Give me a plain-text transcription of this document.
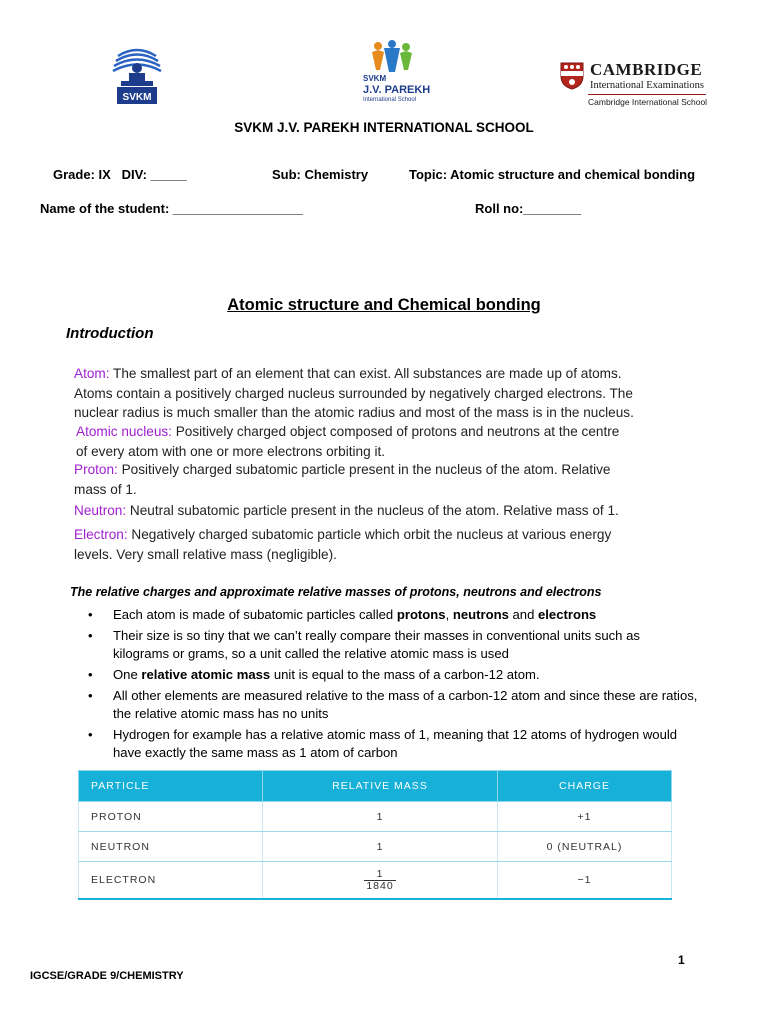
SVKM
SVKM
J.V. PAREKH
International School
CAMBRIDGE
International Examinations
Cambridge International School
SVKM J.V. PAREKH INTERNATIONAL SCHOOL
Grade: IX   DIV: _____	Sub: Chemistry	Topic: Atomic structure and chemical bonding
Name of the student: __________________	Roll no:________
Atomic structure and Chemical bonding
Introduction
Atom: The smallest part of an element that can exist. All substances are made up of atoms.
Atoms contain a positively charged nucleus surrounded by negatively charged electrons. The
nuclear radius is much smaller than the atomic radius and most of the mass is in the nucleus.
Atomic nucleus: Positively charged object composed of protons and neutrons at the centre
of every atom with one or more electrons orbiting it.
Proton: Positively charged subatomic particle present in the nucleus of the atom. Relative
mass of 1.
Neutron: Neutral subatomic particle present in the nucleus of the atom. Relative mass of 1.
Electron: Negatively charged subatomic particle which orbit the nucleus at various energy
levels. Very small relative mass (negligible).
The relative charges and approximate relative masses of protons, neutrons and electrons
• Each atom is made of subatomic particles called protons, neutrons and electrons
• Their size is so tiny that we can’t really compare their masses in conventional units such as kilograms or grams, so a unit called the relative atomic mass is used
• One relative atomic mass unit is equal to the mass of a carbon-12 atom.
• All other elements are measured relative to the mass of a carbon-12 atom and since these are ratios, the relative atomic mass has no units
• Hydrogen for example has a relative atomic mass of 1, meaning that 12 atoms of hydrogen would have exactly the same mass as 1 atom of carbon
PARTICLE	RELATIVE MASS	CHARGE
PROTON	1	+1
NEUTRON	1	0 (NEUTRAL)
ELECTRON	$\frac{1}{1840}$	−1
1
IGCSE/GRADE 9/CHEMISTRY
